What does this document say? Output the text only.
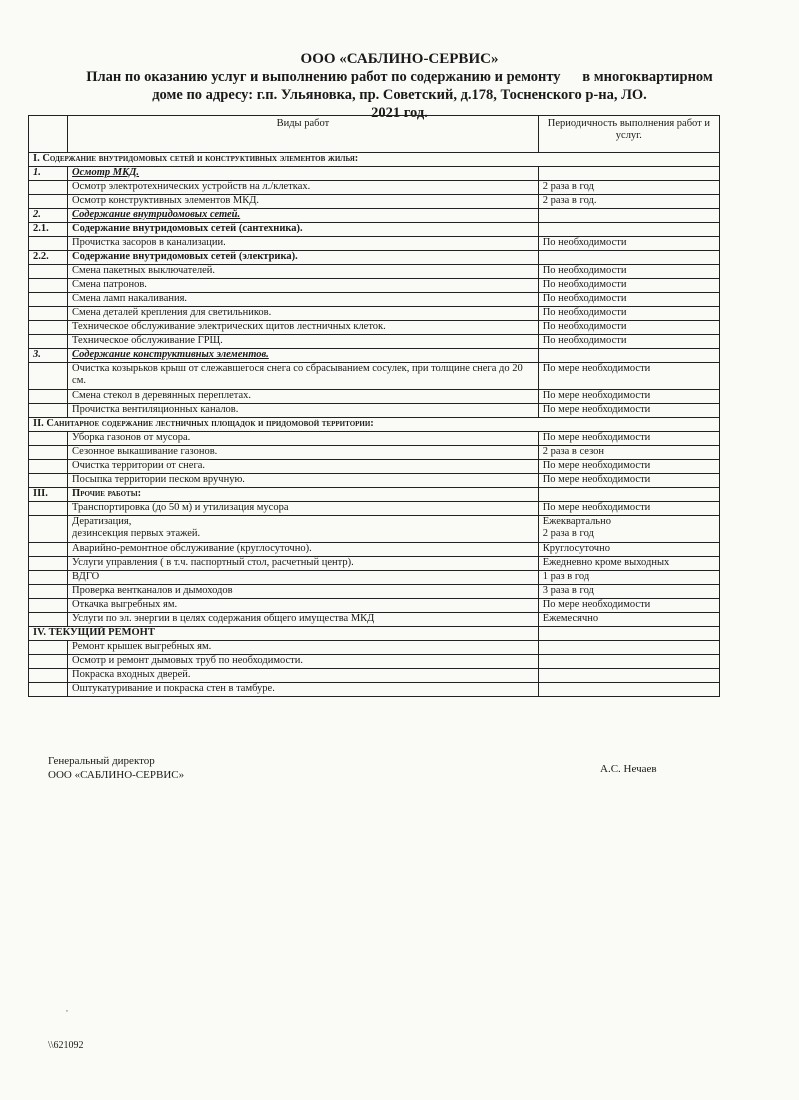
ООО «САБЛИНО-СЕРВИС»
План по оказанию услуг и выполнению работ по содержанию и ремонту      в многоквартирном
доме по адресу: г.п. Ульяновка, пр. Советский, д.178, Тосненского р-на, ЛО.
2021 год.
	Виды работ	Периодичность выполнения работ и услуг.
I. Содержание внутридомовых сетей и конструктивных элементов жилья:		
1.	Осмотр МКД.	
	Осмотр электротехнических устройств на л./клетках.	2 раза в год
	Осмотр конструктивных элементов МКД.	2 раза в год.
2.	Содержание внутридомовых сетей.	
2.1.	Содержание внутридомовых сетей (сантехника).	
	Прочистка засоров в канализации.	По необходимости
2.2.	Содержание внутридомовых сетей (электрика).	
	Смена пакетных выключателей.	По необходимости
	Смена патронов.	По необходимости
	Смена ламп накаливания.	По необходимости
	Смена деталей крепления для светильников.	По необходимости
	Техническое обслуживание электрических щитов лестничных клеток.	По необходимости
	Техническое обслуживание ГРЩ.	По необходимости
3.	Содержание конструктивных элементов.	
	Очистка козырьков крыш от слежавшегося снега со сбрасыванием сосулек, при толщине снега до 20 см.	По мере необходимости
	Смена стекол в деревянных переплетах.	По мере необходимости
	Прочистка вентиляционных каналов.	По мере необходимости
II. Санитарное содержание лестничных площадок и придомовой территории:		
	Уборка газонов от мусора.	По мере необходимости
	Сезонное выкашивание газонов.	2 раза в сезон
	Очистка территории от снега.	По мере необходимости
	Посыпка территории песком вручную.	По мере необходимости
III.	Прочие работы:	
	Транспортировка (до 50 м) и утилизация мусора	По мере необходимости
	Дератизация,
дезинсекция первых этажей.	Ежеквартально
2 раза в год
	Аварийно-ремонтное обслуживание (круглосуточно).	Круглосуточно
	Услуги управления ( в т.ч. паспортный стол, расчетный центр).	Ежедневно кроме выходных
	ВДГО	1 раз в год
	Проверка вентканалов и дымоходов	3 раза в год
	Откачка выгребных ям.	По мере необходимости
	Услуги по эл. энергии в целях содержания общего имущества МКД	Ежемесячно
IV. ТЕКУЩИЙ РЕМОНТ		
	Ремонт крышек выгребных ям.	
	Осмотр и ремонт дымовых труб по необходимости.	
	Покраска входных дверей.	
	Оштукатуривание и покраска стен в тамбуре.	
Генеральный директор
ООО «САБЛИНО-СЕРВИС»	А.С. Нечаев
,
\\621092
